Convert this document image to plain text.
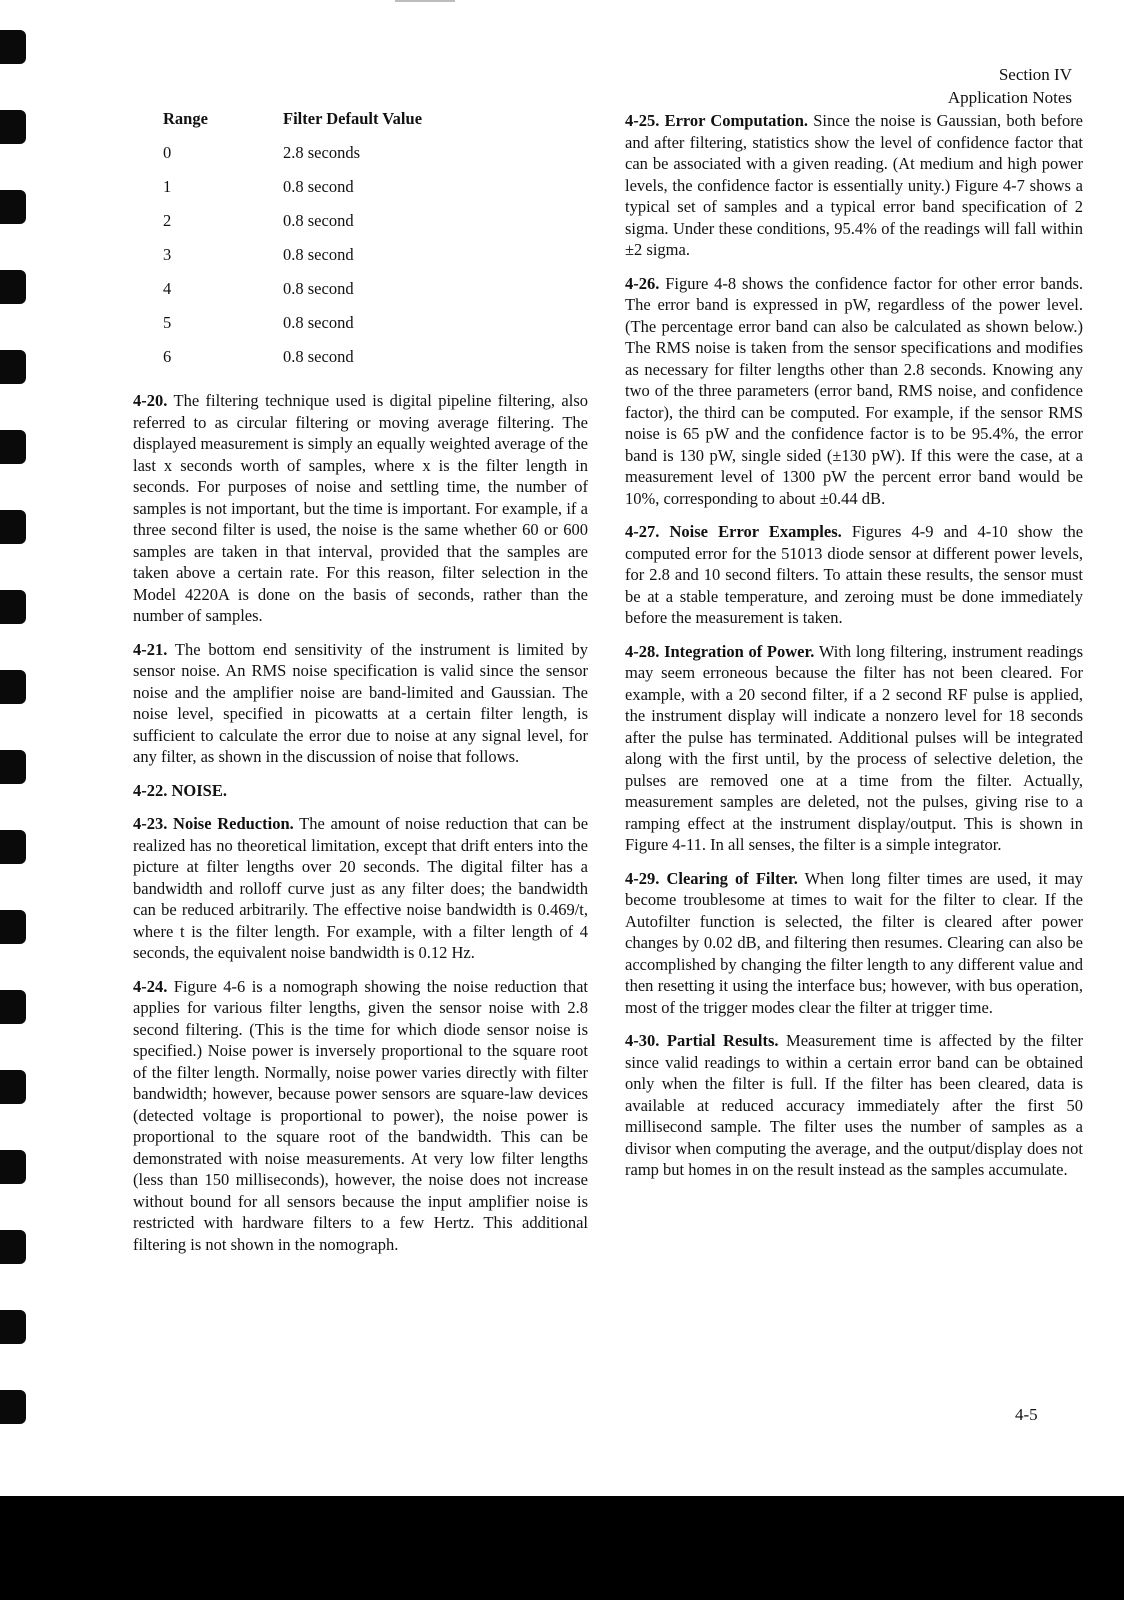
Section IV
Application Notes
Range	Filter Default Value
0	2.8 seconds
1	0.8 second
2	0.8 second
3	0.8 second
4	0.8 second
5	0.8 second
6	0.8 second

4-20. The filtering technique used is digital pipeline filtering, also referred to as circular filtering or moving average filtering. The displayed measurement is simply an equally weighted average of the last x seconds worth of samples, where x is the filter length in seconds. For purposes of noise and settling time, the number of samples is not important, but the time is important. For example, if a three second filter is used, the noise is the same whether 60 or 600 samples are taken in that interval, provided that the samples are taken above a certain rate. For this reason, filter selection in the Model 4220A is done on the basis of seconds, rather than the number of samples.

4-21. The bottom end sensitivity of the instrument is limited by sensor noise. An RMS noise specification is valid since the sensor noise and the amplifier noise are band-limited and Gaussian. The noise level, specified in picowatts at a certain filter length, is sufficient to calculate the error due to noise at any signal level, for any filter, as shown in the discussion of noise that follows.

4-22. NOISE.

4-23. Noise Reduction. The amount of noise reduction that can be realized has no theoretical limitation, except that drift enters into the picture at filter lengths over 20 seconds. The digital filter has a bandwidth and rolloff curve just as any filter does; the bandwidth can be reduced arbitrarily. The effective noise bandwidth is 0.469/t, where t is the filter length. For example, with a filter length of 4 seconds, the equivalent noise bandwidth is 0.12 Hz.

4-24. Figure 4-6 is a nomograph showing the noise reduction that applies for various filter lengths, given the sensor noise with 2.8 second filtering. (This is the time for which diode sensor noise is specified.) Noise power is inversely proportional to the square root of the filter length. Normally, noise power varies directly with filter bandwidth; however, because power sensors are square-law devices (detected voltage is proportional to power), the noise power is proportional to the square root of the bandwidth. This can be demonstrated with noise measurements. At very low filter lengths (less than 150 milliseconds), however, the noise does not increase without bound for all sensors because the input amplifier noise is restricted with hardware filters to a few Hertz. This additional filtering is not shown in the nomograph.

4-25. Error Computation. Since the noise is Gaussian, both before and after filtering, statistics show the level of confidence factor that can be associated with a given reading. (At medium and high power levels, the confidence factor is essentially unity.) Figure 4-7 shows a typical set of samples and a typical error band specification of 2 sigma. Under these conditions, 95.4% of the readings will fall within ±2 sigma.

4-26. Figure 4-8 shows the confidence factor for other error bands. The error band is expressed in pW, regardless of the power level. (The percentage error band can also be calculated as shown below.) The RMS noise is taken from the sensor specifications and modifies as necessary for filter lengths other than 2.8 seconds. Knowing any two of the three parameters (error band, RMS noise, and confidence factor), the third can be computed. For example, if the sensor RMS noise is 65 pW and the confidence factor is to be 95.4%, the error band is 130 pW, single sided (±130 pW). If this were the case, at a measurement level of 1300 pW the percent error band would be 10%, corresponding to about ±0.44 dB.

4-27. Noise Error Examples. Figures 4-9 and 4-10 show the computed error for the 51013 diode sensor at different power levels, for 2.8 and 10 second filters. To attain these results, the sensor must be at a stable temperature, and zeroing must be done immediately before the measurement is taken.

4-28. Integration of Power. With long filtering, instrument readings may seem erroneous because the filter has not been cleared. For example, with a 20 second filter, if a 2 second RF pulse is applied, the instrument display will indicate a nonzero level for 18 seconds after the pulse has terminated. Additional pulses will be integrated along with the first until, by the process of selective deletion, the pulses are removed one at a time from the filter. Actually, measurement samples are deleted, not the pulses, giving rise to a ramping effect at the instrument display/output. This is shown in Figure 4-11. In all senses, the filter is a simple integrator.

4-29. Clearing of Filter. When long filter times are used, it may become troublesome at times to wait for the filter to clear. If the Autofilter function is selected, the filter is cleared after power changes by 0.02 dB, and filtering then resumes. Clearing can also be accomplished by changing the filter length to any different value and then resetting it using the interface bus; however, with bus operation, most of the trigger modes clear the filter at trigger time.

4-30. Partial Results. Measurement time is affected by the filter since valid readings to within a certain error band can be obtained only when the filter is full. If the filter has been cleared, data is available at reduced accuracy immediately after the first 50 millisecond sample. The filter uses the number of samples as a divisor when computing the average, and the output/display does not ramp but homes in on the result instead as the samples accumulate.

4-5
